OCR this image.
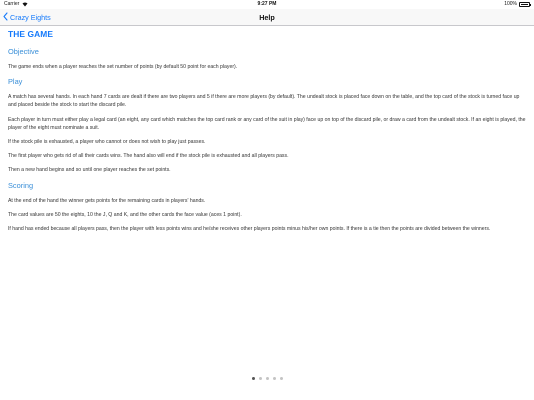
Carrier	9:27 PM	100%
Crazy Eights	Help
THE GAME
Objective

The game ends when a player reaches the set number of points (by default 50 point for each player).

Play

A match has several hands. In each hand 7 cards are dealt if there are two players and 5 if there are more players (by default). The undealt stock is placed face down on the table, and the top card of the stock is turned face up and placed beside the stock to start the discard pile.

Each player in turn must either play a legal card (an eight, any card which matches the top card rank or any card of the suit in play) face up on top of the discard pile, or draw a card from the undealt stock. If an eight is played, the player of the eight must nominate a suit.

If the stock pile is exhausted, a player who cannot or does not wish to play just passes.

The first player who gets rid of all their cards wins. The hand also will end if the stock pile is exhausted and all players pass.

Then a new hand begins and so until one player reaches the set points.

Scoring

At the end of the hand the winner gets points for the remaining cards in players' hands.

The card values are 50 the eights, 10 the J, Q and K, and the other cards the face value (aces 1 point).

If hand has ended because all players pass, then the player with less points wins and he/she receives other players points minus his/her own points. If there is a tie then the points are divided between the winners.
